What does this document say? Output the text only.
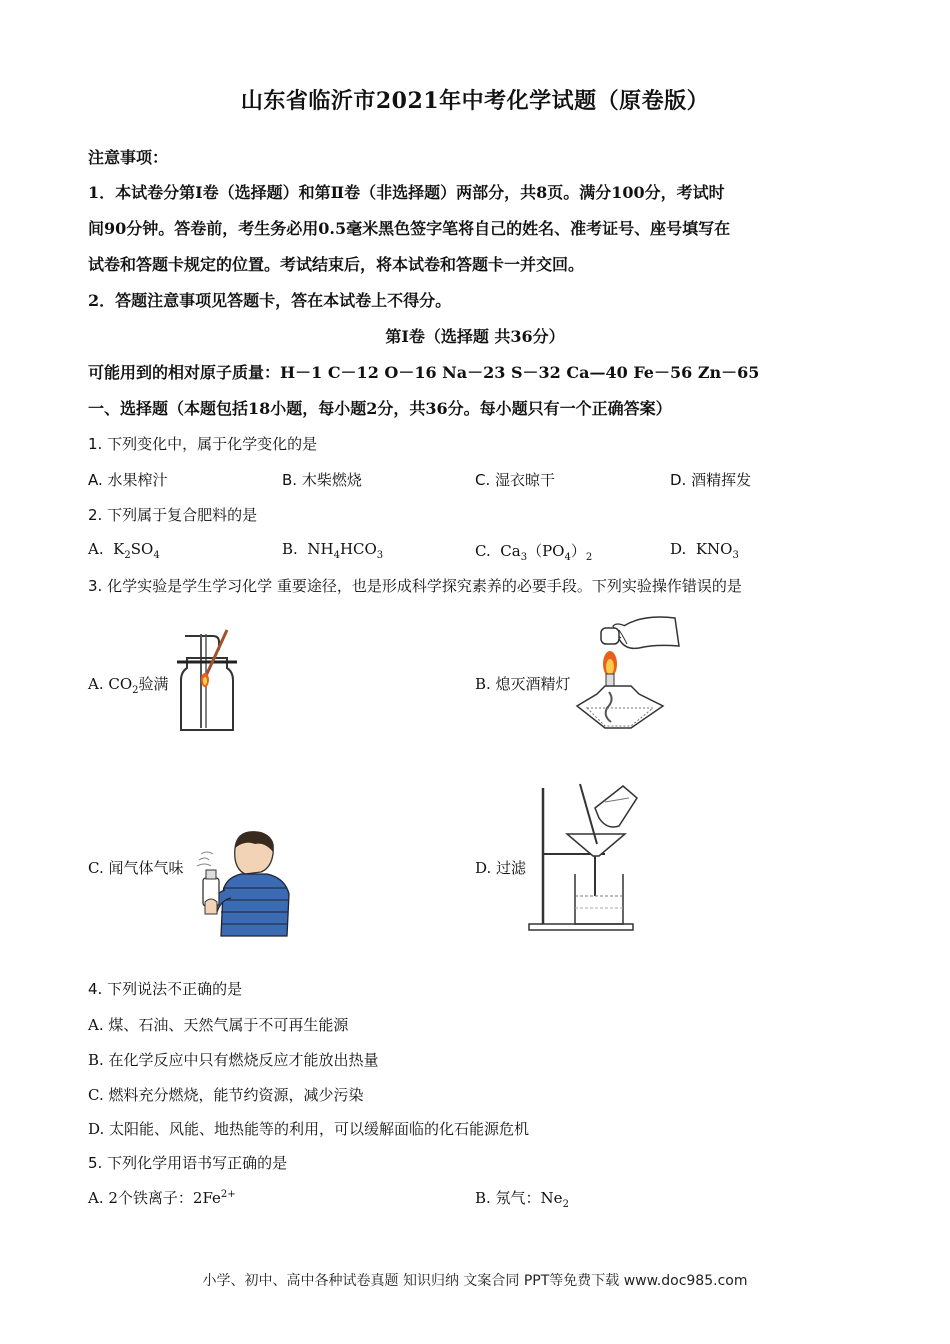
山东省临沂市2021年中考化学试题（原卷版）
注意事项：
1．本试卷分第Ⅰ卷（选择题）和第Ⅱ卷（非选择题）两部分，共8页。满分100分，考试时
间90分钟。答卷前，考生务必用0.5毫米黑色签字笔将自己的姓名、准考证号、座号填写在
试卷和答题卡规定的位置。考试结束后，将本试卷和答题卡一并交回。
2．答题注意事项见答题卡，答在本试卷上不得分。
第Ⅰ卷（选择题 共36分）
可能用到的相对原子质量：H－1 C－12 O－16 Na－23 S－32 Ca—40 Fe－56 Zn－65
一、选择题（本题包括18小题，每小题2分，共36分。每小题只有一个正确答案）
1. 下列变化中，属于化学变化的是
A. 水果榨汁	B. 木柴燃烧	C. 湿衣晾干	D. 酒精挥发
2. 下列属于复合肥料的是
A. $K_2SO_4$	B. $NH_4HCO_3$	C. $Ca_3(PO_4)_2$	D. $KNO_3$
3. 化学实验是学生学习化学 重要途径，也是形成科学探究素养的必要手段。下列实验操作错误的是
A. $CO_2$验满	B. 熄灭酒精灯
C. 闻气体气味	D. 过滤
4. 下列说法不正确的是
A. 煤、石油、天然气属于不可再生能源
B. 在化学反应中只有燃烧反应才能放出热量
C. 燃料充分燃烧，能节约资源，减少污染
D. 太阳能、风能、地热能等的利用，可以缓解面临的化石能源危机
5. 下列化学用语书写正确的是
A. 2个铁离子：$2Fe^{2+}$	B. 氖气：$Ne_2$
小学、初中、高中各种试卷真题 知识归纳 文案合同 PPT等免费下载 www.doc985.com
